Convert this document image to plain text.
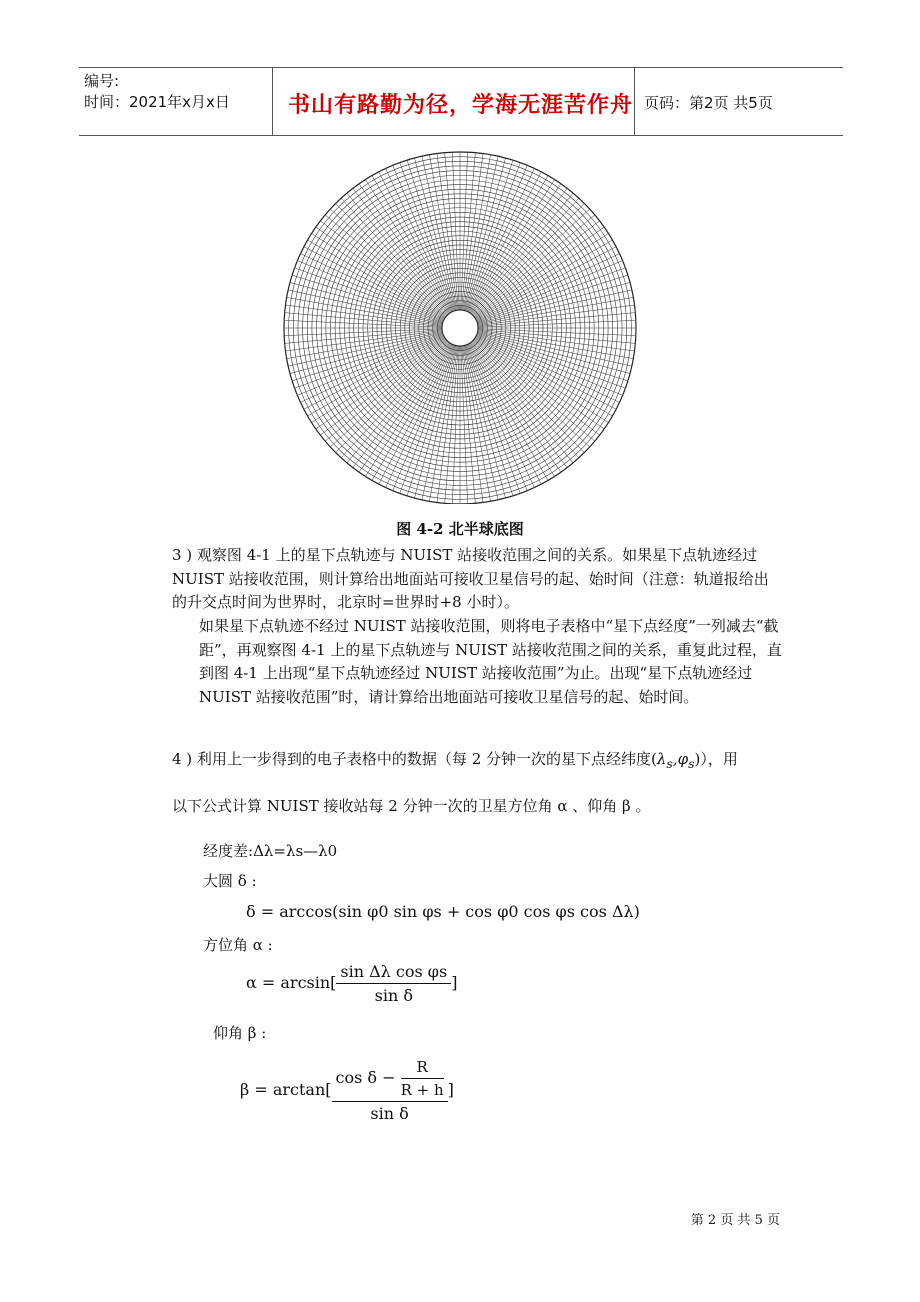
编号:
时间：2021年x月x日	书山有路勤为径，学海无涯苦作舟 页码：第2页 共5页
图 4-2 北半球底图
3 ) 观察图 4-1 上的星下点轨迹与 NUIST 站接收范围之间的关系。如果星下点轨迹经过 NUIST 站接收范围，则计算给出地面站可接收卫星信号的起、始时间（注意：轨道报给出的升交点时间为世界时，北京时=世界时+8 小时）。
如果星下点轨迹不经过 NUIST 站接收范围，则将电子表格中“星下点经度”一列减去“截距”，再观察图 4-1 上的星下点轨迹与 NUIST 站接收范围之间的关系，重复此过程，直到图 4-1 上出现“星下点轨迹经过 NUIST 站接收范围”为止。出现“星下点轨迹经过 NUIST 站接收范围”时，请计算给出地面站可接收卫星信号的起、始时间。
4 ) 利用上一步得到的电子表格中的数据（每 2 分钟一次的星下点经纬度$(\lambda_s,\varphi_s)$），用
以下公式计算 NUIST 接收站每 2 分钟一次的卫星方位角 α 、仰角 β 。
经度差:Δλ=λs—λ0
大圆 δ :
δ = arccos(sin φ0 sin φs + cos φ0 cos φs cos Δλ)
方位角 α :
$\alpha = \arcsin[ \frac{\text{sin Δλ cos φs}}{\text{sin δ}}$ ]
仰角 β :
$\beta = \arctan[ \frac{\cos \delta - \frac{R}{R + h}}{\text{sin δ}}$ ]
第 2 页 共 5 页
